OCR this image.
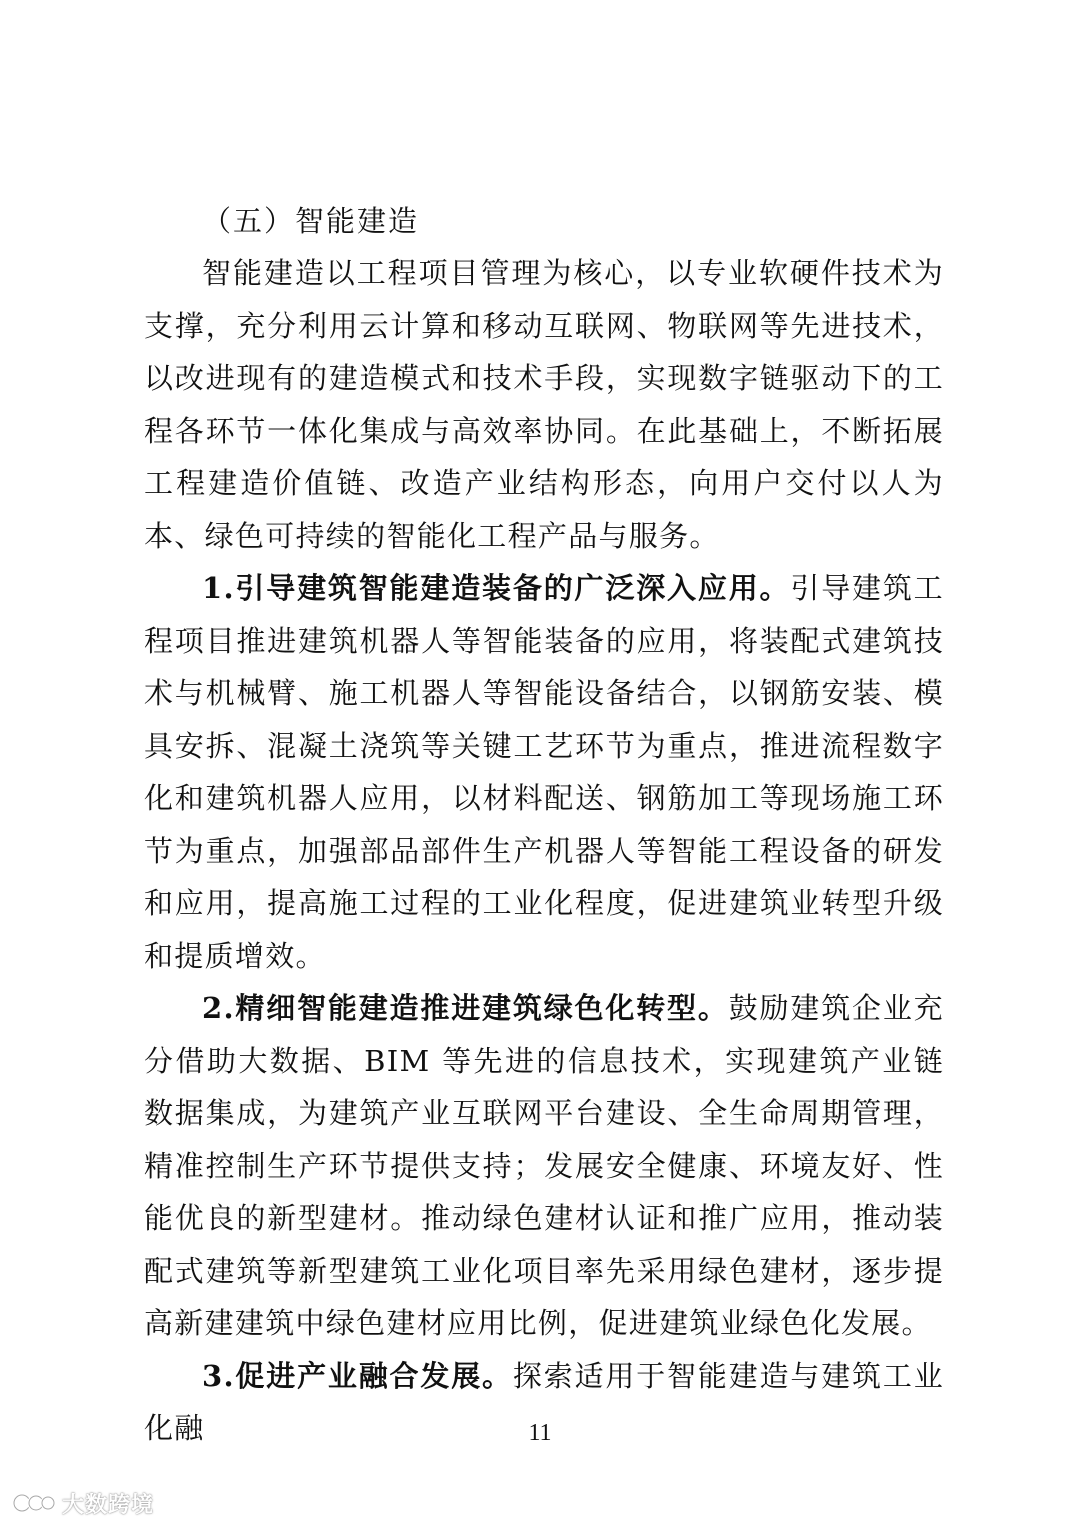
（五）智能建造

智能建造以工程项目管理为核心，以专业软硬件技术为支撑，充分利用云计算和移动互联网、物联网等先进技术，以改进现有的建造模式和技术手段，实现数字链驱动下的工程各环节一体化集成与高效率协同。在此基础上，不断拓展工程建造价值链、改造产业结构形态，向用户交付以人为本、绿色可持续的智能化工程产品与服务。

1.引导建筑智能建造装备的广泛深入应用。引导建筑工程项目推进建筑机器人等智能装备的应用，将装配式建筑技术与机械臂、施工机器人等智能设备结合，以钢筋安装、模具安拆、混凝土浇筑等关键工艺环节为重点，推进流程数字化和建筑机器人应用，以材料配送、钢筋加工等现场施工环节为重点，加强部品部件生产机器人等智能工程设备的研发和应用，提高施工过程的工业化程度，促进建筑业转型升级和提质增效。

2.精细智能建造推进建筑绿色化转型。鼓励建筑企业充分借助大数据、BIM 等先进的信息技术，实现建筑产业链数据集成，为建筑产业互联网平台建设、全生命周期管理，精准控制生产环节提供支持；发展安全健康、环境友好、性能优良的新型建材。推动绿色建材认证和推广应用，推动装配式建筑等新型建筑工业化项目率先采用绿色建材，逐步提高新建建筑中绿色建材应用比例，促进建筑业绿色化发展。

3.促进产业融合发展。探索适用于智能建造与建筑工业化融	11
大数跨境
